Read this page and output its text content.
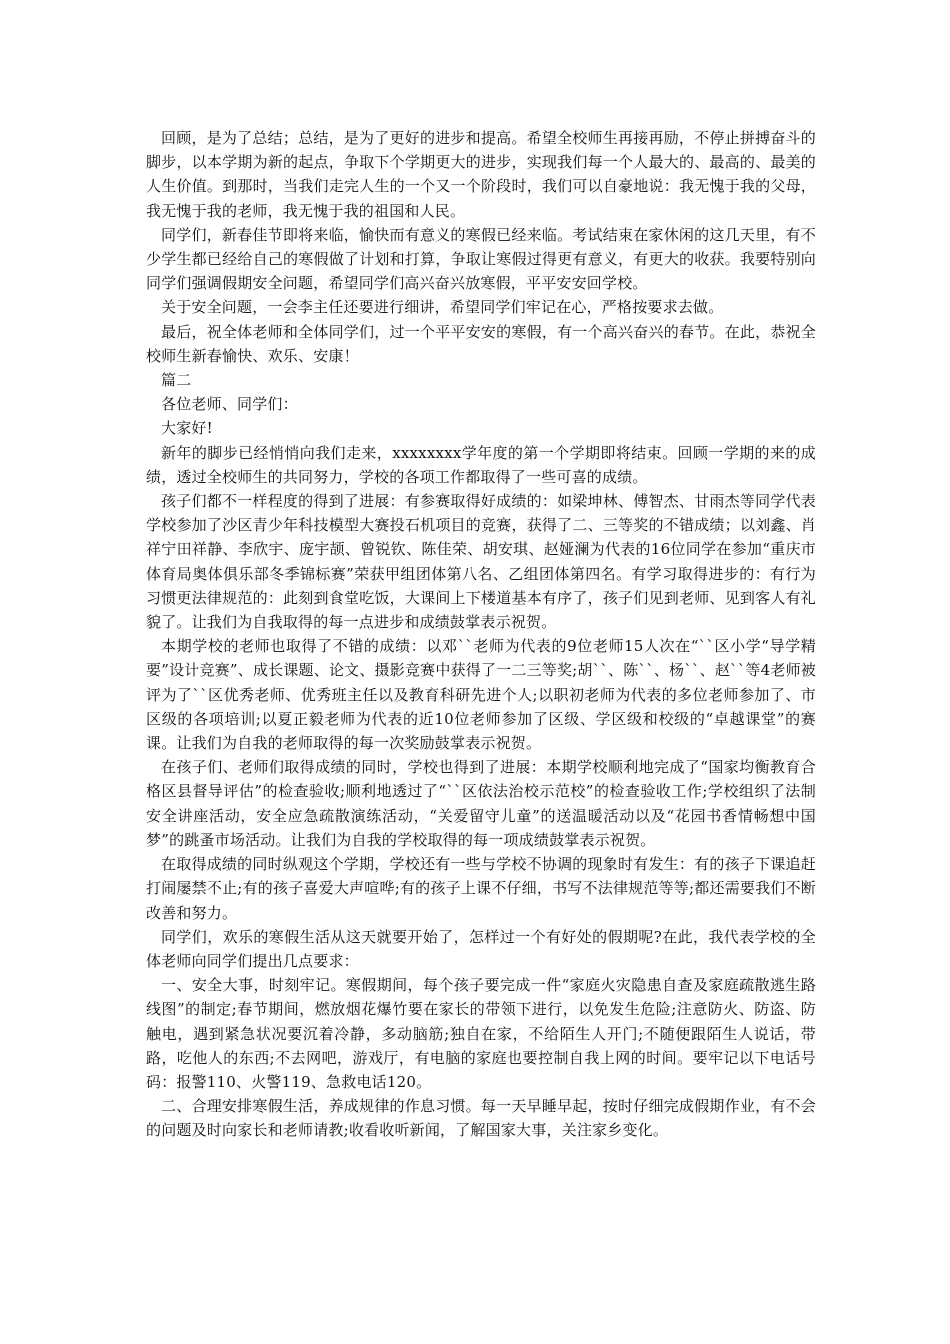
回顾，是为了总结；总结，是为了更好的进步和提高。希望全校师生再接再励，不停止拼搏奋斗的脚步，以本学期为新的起点，争取下个学期更大的进步，实现我们每一个人最大的、最高的、最美的人生价值。到那时，当我们走完人生的一个又一个阶段时，我们可以自豪地说：我无愧于我的父母，我无愧于我的老师，我无愧于我的祖国和人民。

同学们，新春佳节即将来临，愉快而有意义的寒假已经来临。考试结束在家休闲的这几天里，有不少学生都已经给自己的寒假做了计划和打算，争取让寒假过得更有意义，有更大的收获。我要特别向同学们强调假期安全问题，希望同学们高兴奋兴放寒假，平平安安回学校。

关于安全问题，一会李主任还要进行细讲，希望同学们牢记在心，严格按要求去做。

最后，祝全体老师和全体同学们，过一个平平安安的寒假，有一个高兴奋兴的春节。在此，恭祝全校师生新春愉快、欢乐、安康！

篇二

各位老师、同学们：

大家好!

新年的脚步已经悄悄向我们走来，xxxxxxxx学年度的第一个学期即将结束。回顾一学期的来的成绩，透过全校师生的共同努力，学校的各项工作都取得了一些可喜的成绩。

孩子们都不一样程度的得到了进展：有参赛取得好成绩的：如梁坤林、傅智杰、甘雨杰等同学代表学校参加了沙区青少年科技模型大赛投石机项目的竞赛，获得了二、三等奖的不错成绩；以刘鑫、肖祥宁田祥静、李欣宇、庞宇颉、曾锐钦、陈佳荣、胡安琪、赵娅澜为代表的16位同学在参加“重庆市体育局奥体俱乐部冬季锦标赛”荣获甲组团体第八名、乙组团体第四名。有学习取得进步的：有行为习惯更法律规范的：此刻到食堂吃饭，大课间上下楼道基本有序了，孩子们见到老师、见到客人有礼貌了。让我们为自我取得的每一点进步和成绩鼓掌表示祝贺。

本期学校的老师也取得了不错的成绩：以邓``老师为代表的9位老师15人次在“``区小学“导学精要”设计竞赛”、成长课题、论文、摄影竞赛中获得了一二三等奖;胡``、陈``、杨``、赵``等4老师被评为了``区优秀老师、优秀班主任以及教育科研先进个人;以职初老师为代表的多位老师参加了、市区级的各项培训;以夏正毅老师为代表的近10位老师参加了区级、学区级和校级的“卓越课堂”的赛课。让我们为自我的老师取得的每一次奖励鼓掌表示祝贺。

在孩子们、老师们取得成绩的同时，学校也得到了进展：本期学校顺利地完成了“国家均衡教育合格区县督导评估”的检查验收;顺利地透过了“``区依法治校示范校”的检查验收工作;学校组织了法制安全讲座活动，安全应急疏散演练活动，“关爱留守儿童”的送温暖活动以及“花园书香情畅想中国梦”的跳蚤市场活动。让我们为自我的学校取得的每一项成绩鼓掌表示祝贺。

在取得成绩的同时纵观这个学期，学校还有一些与学校不协调的现象时有发生：有的孩子下课追赶打闹屡禁不止;有的孩子喜爱大声喧哗;有的孩子上课不仔细，书写不法律规范等等;都还需要我们不断改善和努力。

同学们，欢乐的寒假生活从这天就要开始了，怎样过一个有好处的假期呢?在此，我代表学校的全体老师向同学们提出几点要求：

一、安全大事，时刻牢记。寒假期间，每个孩子要完成一件“家庭火灾隐患自查及家庭疏散逃生路线图”的制定;春节期间，燃放烟花爆竹要在家长的带领下进行，以免发生危险;注意防火、防盗、防触电，遇到紧急状况要沉着冷静，多动脑筋;独自在家，不给陌生人开门;不随便跟陌生人说话，带路，吃他人的东西;不去网吧，游戏厅，有电脑的家庭也要控制自我上网的时间。要牢记以下电话号码：报警110、火警119、急救电话120。

二、合理安排寒假生活，养成规律的作息习惯。每一天早睡早起，按时仔细完成假期作业，有不会的问题及时向家长和老师请教;收看收听新闻，了解国家大事，关注家乡变化。
